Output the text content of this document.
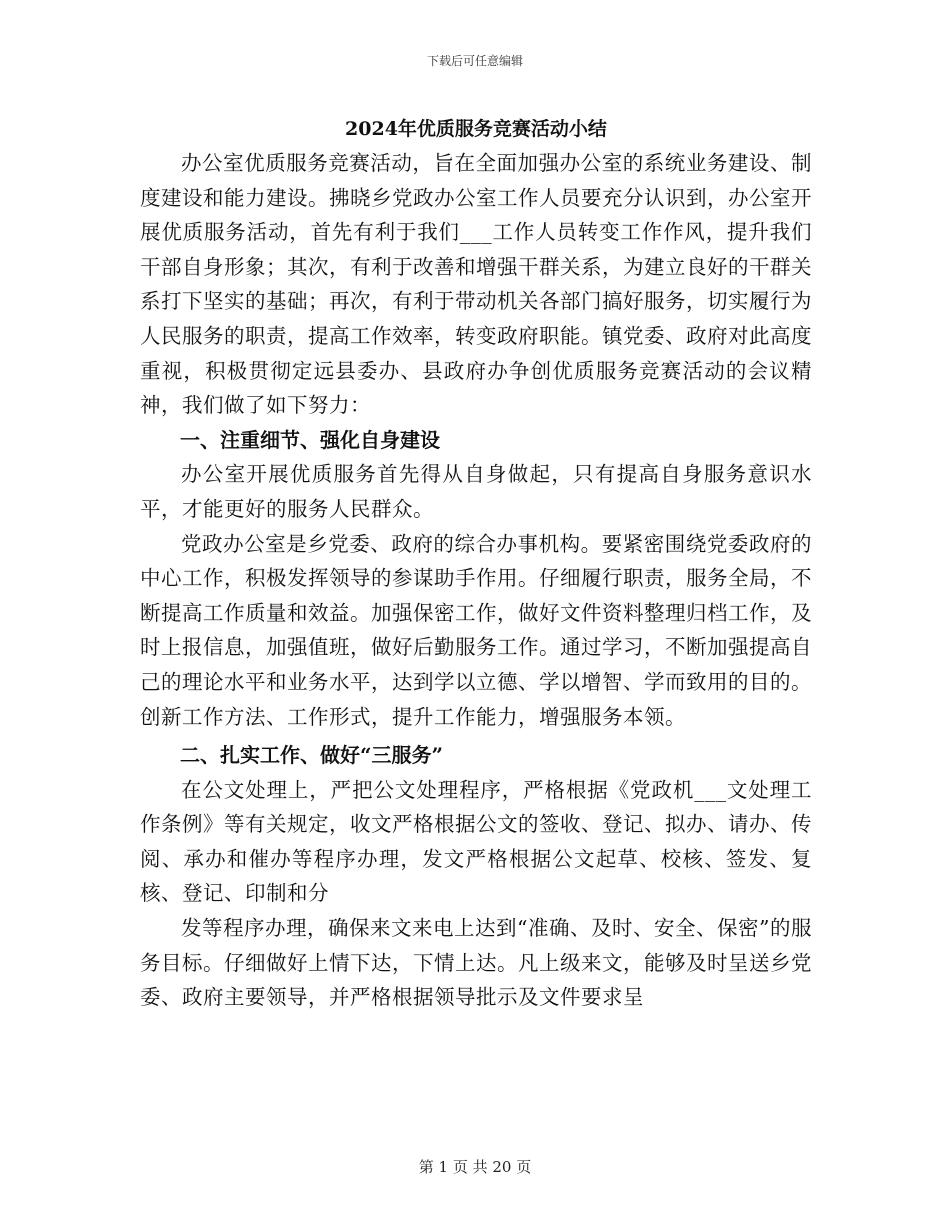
下载后可任意编辑
2024年优质服务竞赛活动小结

办公室优质服务竞赛活动，旨在全面加强办公室的系统业务建设、制度建设和能力建设。拂晓乡党政办公室工作人员要充分认识到，办公室开展优质服务活动，首先有利于我们___工作人员转变工作作风，提升我们干部自身形象；其次，有利于改善和增强干群关系，为建立良好的干群关系打下坚实的基础；再次，有利于带动机关各部门搞好服务，切实履行为人民服务的职责，提高工作效率，转变政府职能。镇党委、政府对此高度重视，积极贯彻定远县委办、县政府办争创优质服务竞赛活动的会议精神，我们做了如下努力：

一、注重细节、强化自身建设

办公室开展优质服务首先得从自身做起，只有提高自身服务意识水平，才能更好的服务人民群众。

党政办公室是乡党委、政府的综合办事机构。要紧密围绕党委政府的中心工作，积极发挥领导的参谋助手作用。仔细履行职责，服务全局，不断提高工作质量和效益。加强保密工作，做好文件资料整理归档工作，及时上报信息，加强值班，做好后勤服务工作。通过学习，不断加强提高自己的理论水平和业务水平，达到学以立德、学以增智、学而致用的目的。创新工作方法、工作形式，提升工作能力，增强服务本领。

二、扎实工作、做好“三服务”

在公文处理上，严把公文处理程序，严格根据《党政机___文处理工作条例》等有关规定，收文严格根据公文的签收、登记、拟办、请办、传阅、承办和催办等程序办理，发文严格根据公文起草、校核、签发、复核、登记、印制和分

发等程序办理，确保来文来电上达到“准确、及时、安全、保密”的服务目标。仔细做好上情下达，下情上达。凡上级来文，能够及时呈送乡党委、政府主要领导，并严格根据领导批示及文件要求呈

第 1 页 共 20 页
